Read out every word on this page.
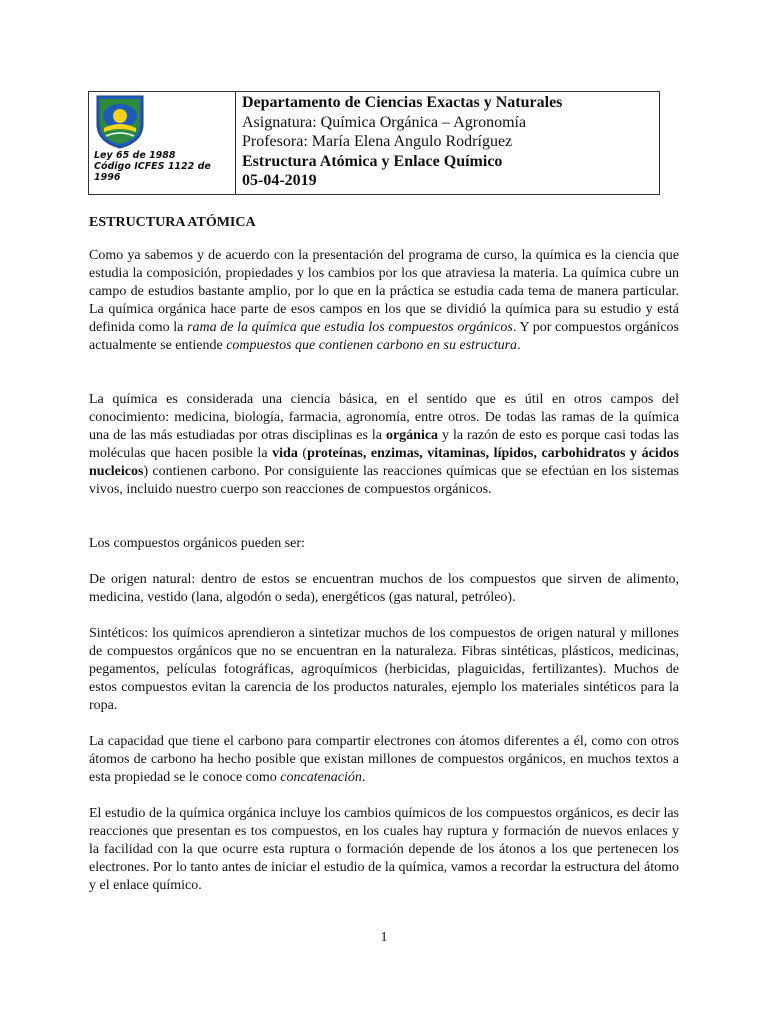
Ley 65 de 1988
Código ICFES 1122 de
1996
Departamento de Ciencias Exactas y Naturales
Asignatura: Química Orgánica – Agronomía
Profesora: María Elena Angulo Rodríguez
Estructura Atómica y Enlace Químico
05-04-2019
ESTRUCTURA ATÓMICA

Como ya sabemos y de acuerdo con la presentación del programa de curso, la química es la ciencia que estudia la composición, propiedades y los cambios por los que atraviesa la materia. La química cubre un campo de estudios bastante amplio, por lo que en la práctica se estudia cada tema de manera particular. La química orgánica hace parte de esos campos en los que se dividió la química para su estudio y está definida como la rama de la química que estudia los compuestos orgánicos. Y por compuestos orgánicos actualmente se entiende compuestos que contienen carbono en su estructura.

La química es considerada una ciencia básica, en el sentido que es útil en otros campos del conocimiento: medicina, biología, farmacia, agronomía, entre otros. De todas las ramas de la química una de las más estudiadas por otras disciplinas es la orgánica y la razón de esto es porque casi todas las moléculas que hacen posible la vida (proteínas, enzimas, vitaminas, lípidos, carbohidratos y ácidos nucleicos) contienen carbono. Por consiguiente las reacciones químicas que se efectúan en los sistemas vivos, incluido nuestro cuerpo son reacciones de compuestos orgánicos.

Los compuestos orgánicos pueden ser:

De origen natural: dentro de estos se encuentran muchos de los compuestos que sirven de alimento, medicina, vestido (lana, algodón o seda), energéticos (gas natural, petróleo).

Sintéticos: los químicos aprendieron a sintetizar muchos de los compuestos de origen natural y millones de compuestos orgánicos que no se encuentran en la naturaleza. Fibras sintéticas, plásticos, medicinas, pegamentos, películas fotográficas, agroquímicos (herbicidas, plaguicidas, fertilizantes). Muchos de estos compuestos evitan la carencia de los productos naturales, ejemplo los materiales sintéticos para la ropa.

La capacidad que tiene el carbono para compartir electrones con átomos diferentes a él, como con otros átomos de carbono ha hecho posible que existan millones de compuestos orgánicos, en muchos textos a esta propiedad se le conoce como concatenación.

El estudio de la química orgánica incluye los cambios químicos de los compuestos orgánicos, es decir las reacciones que presentan es tos compuestos, en los cuales hay ruptura y formación de nuevos enlaces y la facilidad con la que ocurre esta ruptura o formación depende de los átonos a los que pertenecen los electrones. Por lo tanto antes de iniciar el estudio de la química, vamos a recordar la estructura del átomo y el enlace químico.

1
